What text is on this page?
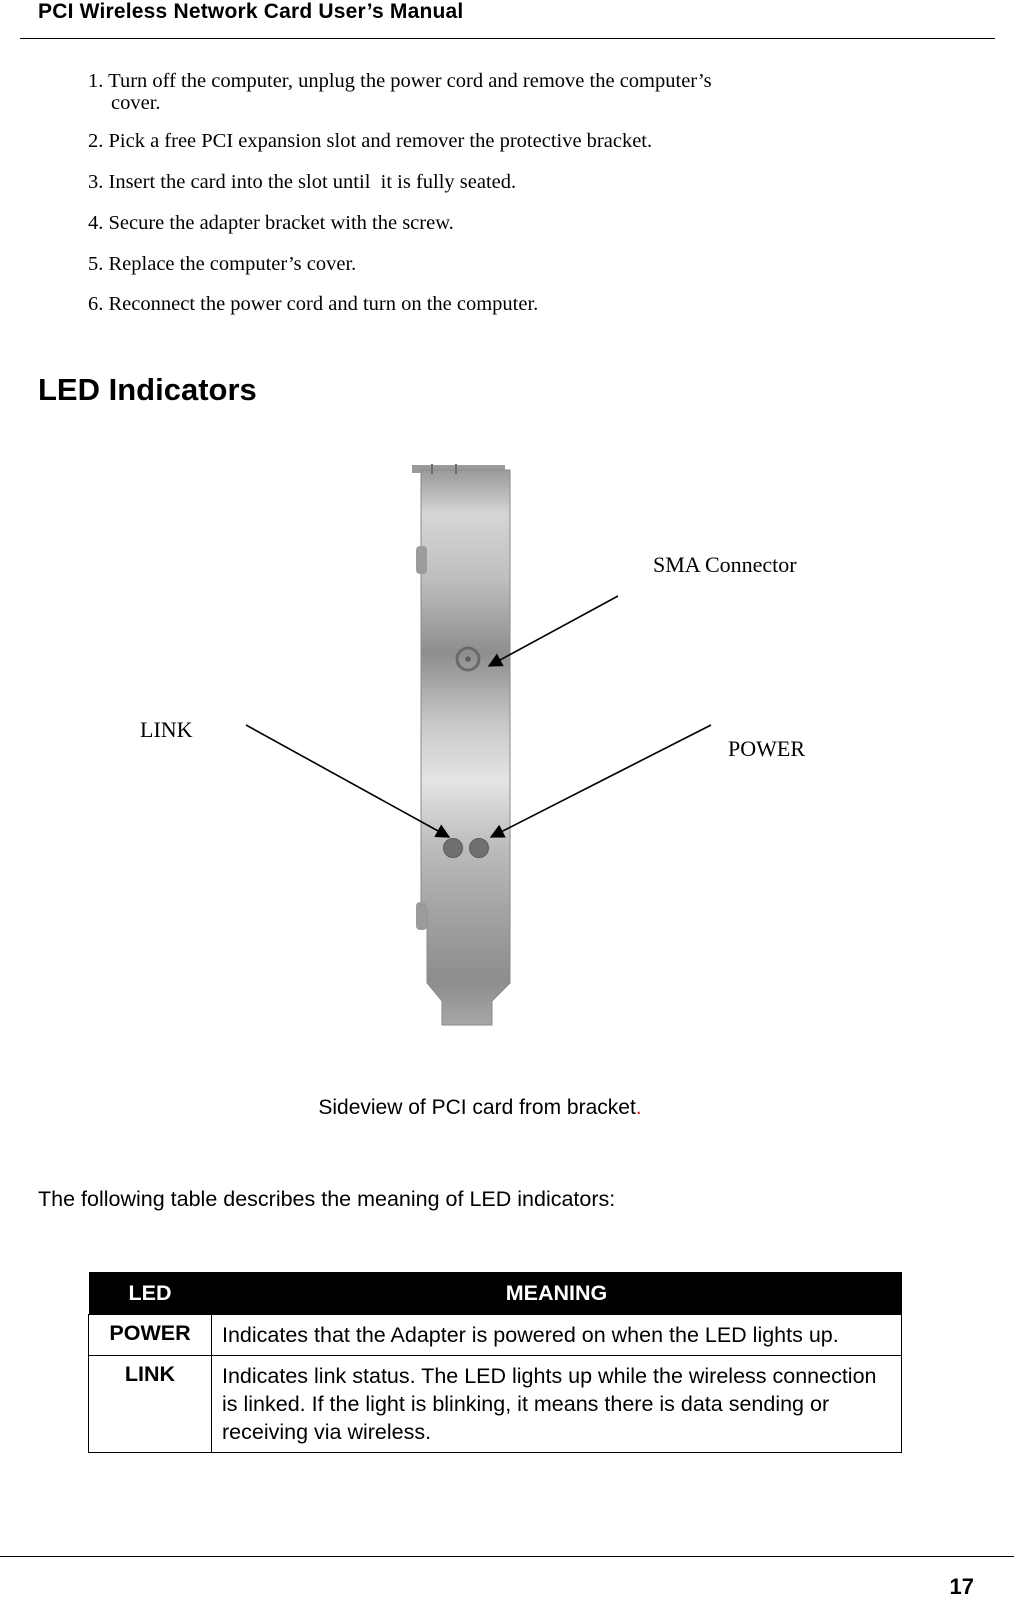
PCI Wireless Network Card User’s Manual
1. Turn off the computer, unplug the power cord and remove the computer’s
cover.
2. Pick a free PCI expansion slot and remover the protective bracket.
3. Insert the card into the slot until  it is fully seated.
4. Secure the adapter bracket with the screw.
5. Replace the computer’s cover.
6. Reconnect the power cord and turn on the computer.
LED Indicators
SMA Connector
LINK
POWER
Sideview of PCI card from bracket.
The following table describes the meaning of LED indicators:
LED	MEANING
POWER	Indicates that the Adapter is powered on when the LED lights up.
LINK	Indicates link status. The LED lights up while the wireless connection is linked. If the light is blinking, it means there is data sending or receiving via wireless.
17
